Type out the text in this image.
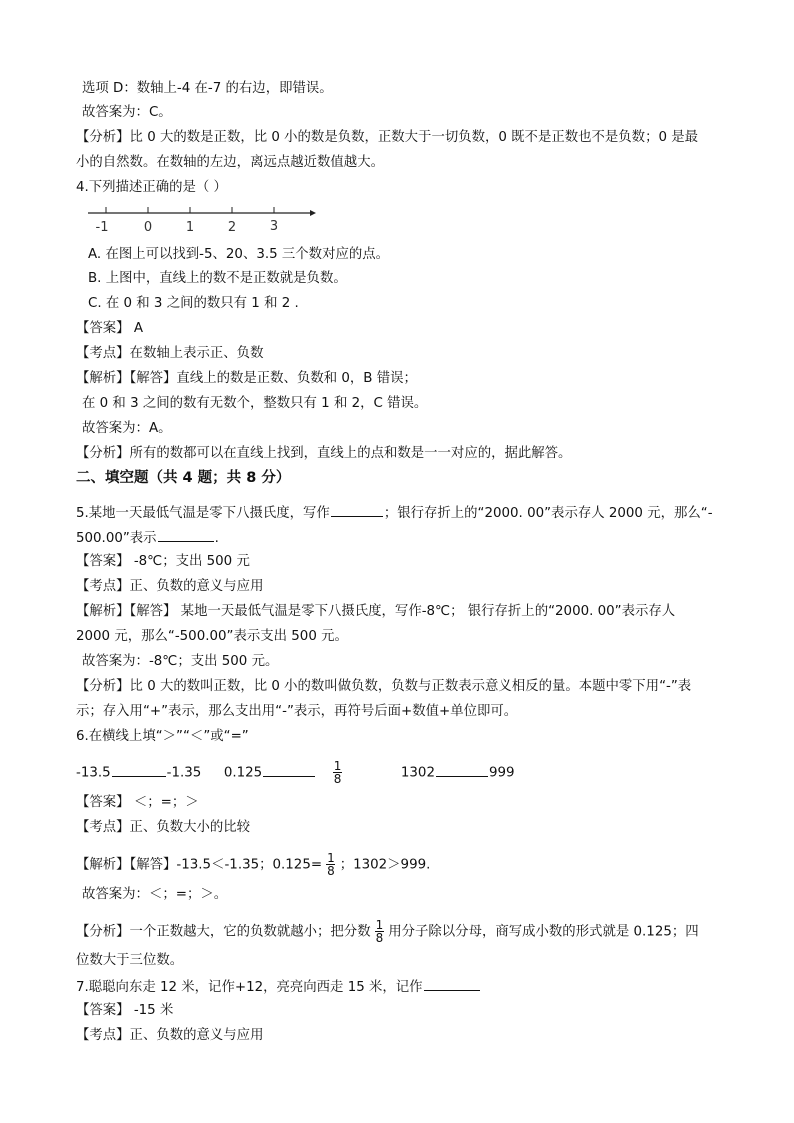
选项 D：数轴上-4 在-7 的右边，即错误。
故答案为：C。
【分析】比 0 大的数是正数，比 0 小的数是负数，正数大于一切负数，0 既不是正数也不是负数；0 是最
小的自然数。在数轴的左边，离远点越近数值越大。
4.下列描述正确的是（ ）
-1	0	1	2	3
A. 在图上可以找到-5、20、3.5 三个数对应的点。
B. 上图中，直线上的数不是正数就是负数。
C. 在 0 和 3 之间的数只有 1 和 2 .
【答案】 A
【考点】在数轴上表示正、负数
【解析】【解答】直线上的数是正数、负数和 0，B 错误；
在 0 和 3 之间的数有无数个，整数只有 1 和 2，C 错误。
故答案为：A。
【分析】所有的数都可以在直线上找到，直线上的点和数是一一对应的，据此解答。
二、填空题（共 4 题；共 8 分）
5.某地一天最低气温是零下八摄氏度，写作	；银行存折上的“2000. 00”表示存人 2000 元，那么“-
500.00”表示	.
【答案】 -8℃；支出 500 元
【考点】正、负数的意义与应用
【解析】【解答】 某地一天最低气温是零下八摄氏度，写作-8℃； 银行存折上的“2000. 00”表示存人
2000 元，那么“-500.00”表示支出 500 元。
故答案为：-8℃；支出 500 元。
【分析】比 0 大的数叫正数，比 0 小的数叫做负数，负数与正数表示意义相反的量。本题中零下用“-”表
示；存入用“+”表示，那么支出用“-”表示，再符号后面+数值+单位即可。
6.在横线上填“＞”“＜”或“=”
-13.5	-1.35 0.125	$\frac{1}{8}$	1302	999
【答案】 ＜；=；＞
【考点】正、负数大小的比较
【解析】【解答】-13.5＜-1.35；$0.125= \frac{1}{8}$ ；1302＞999.
故答案为：＜；=；＞。
【分析】一个正数越大，它的负数就越小；把分数 $\frac{1}{8}$ 用分子除以分母，商写成小数的形式就是 0.125；四
位数大于三位数。
7.聪聪向东走 12 米，记作+12，亮亮向西走 15 米，记作
【答案】 -15 米
【考点】正、负数的意义与应用
